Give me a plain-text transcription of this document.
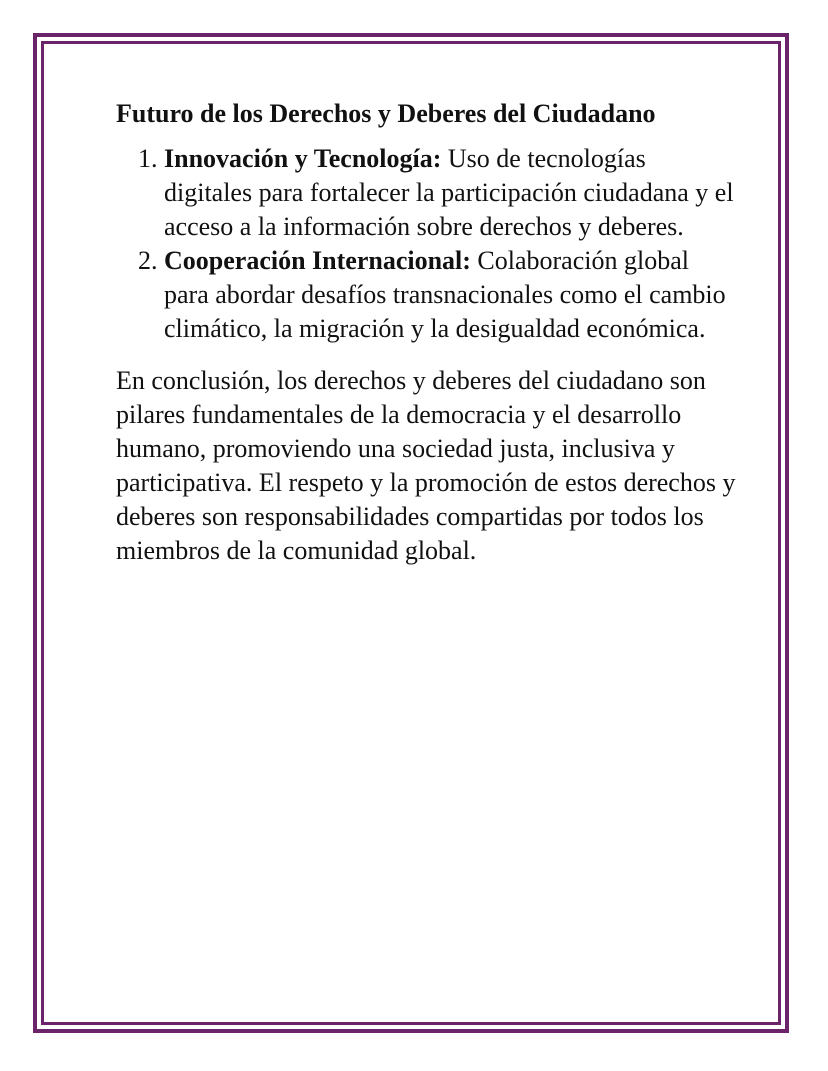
Futuro de los Derechos y Deberes del Ciudadano
1. Innovación y Tecnología: Uso de tecnologías digitales para fortalecer la participación ciudadana y el acceso a la información sobre derechos y deberes.
2. Cooperación Internacional: Colaboración global para abordar desafíos transnacionales como el cambio climático, la migración y la desigualdad económica.

En conclusión, los derechos y deberes del ciudadano son pilares fundamentales de la democracia y el desarrollo humano, promoviendo una sociedad justa, inclusiva y participativa. El respeto y la promoción de estos derechos y deberes son responsabilidades compartidas por todos los miembros de la comunidad global.
